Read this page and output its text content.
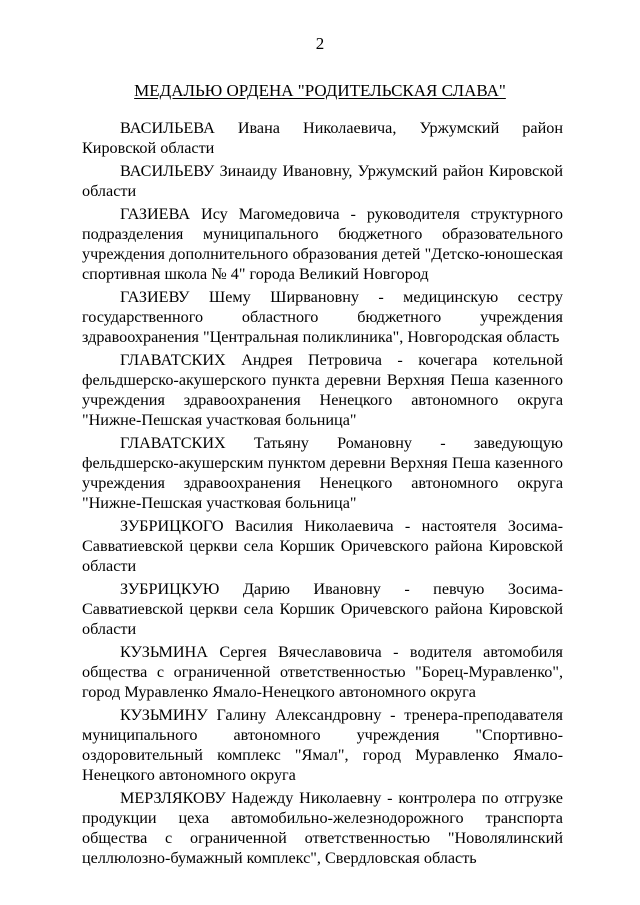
2
МЕДАЛЬЮ ОРДЕНА "РОДИТЕЛЬСКАЯ СЛАВА"

ВАСИЛЬЕВА Ивана Николаевича, Уржумский район Кировской области

ВАСИЛЬЕВУ Зинаиду Ивановну, Уржумский район Кировской области

ГАЗИЕВА Ису Магомедовича - руководителя структурного подразделения муниципального бюджетного образовательного учреждения дополнительного образования детей "Детско-юношеская спортивная школа № 4" города Великий Новгород

ГАЗИЕВУ Шему Ширвановну - медицинскую сестру государственного областного бюджетного учреждения здравоохранения "Центральная поликлиника", Новгородская область

ГЛАВАТСКИХ Андрея Петровича - кочегара котельной фельдшерско-акушерского пункта деревни Верхняя Пеша казенного учреждения здравоохранения Ненецкого автономного округа "Нижне-Пешская участковая больница"

ГЛАВАТСКИХ Татьяну Романовну - заведующую фельдшерско-акушерским пунктом деревни Верхняя Пеша казенного учреждения здравоохранения Ненецкого автономного округа "Нижне-Пешская участковая больница"

ЗУБРИЦКОГО Василия Николаевича - настоятеля Зосима-Савватиевской церкви села Коршик Оричевского района Кировской области

ЗУБРИЦКУЮ Дарию Ивановну - певчую Зосима-Савватиевской церкви села Коршик Оричевского района Кировской области

КУЗЬМИНА Сергея Вячеславовича - водителя автомобиля общества с ограниченной ответственностью "Борец-Муравленко", город Муравленко Ямало-Ненецкого автономного округа

КУЗЬМИНУ Галину Александровну - тренера-преподавателя муниципального автономного учреждения "Спортивно-оздоровительный комплекс "Ямал", город Муравленко Ямало-Ненецкого автономного округа

МЕРЗЛЯКОВУ Надежду Николаевну - контролера по отгрузке продукции цеха автомобильно-железнодорожного транспорта общества с ограниченной ответственностью "Новолялинский целлюлозно-бумажный комплекс", Свердловская область
